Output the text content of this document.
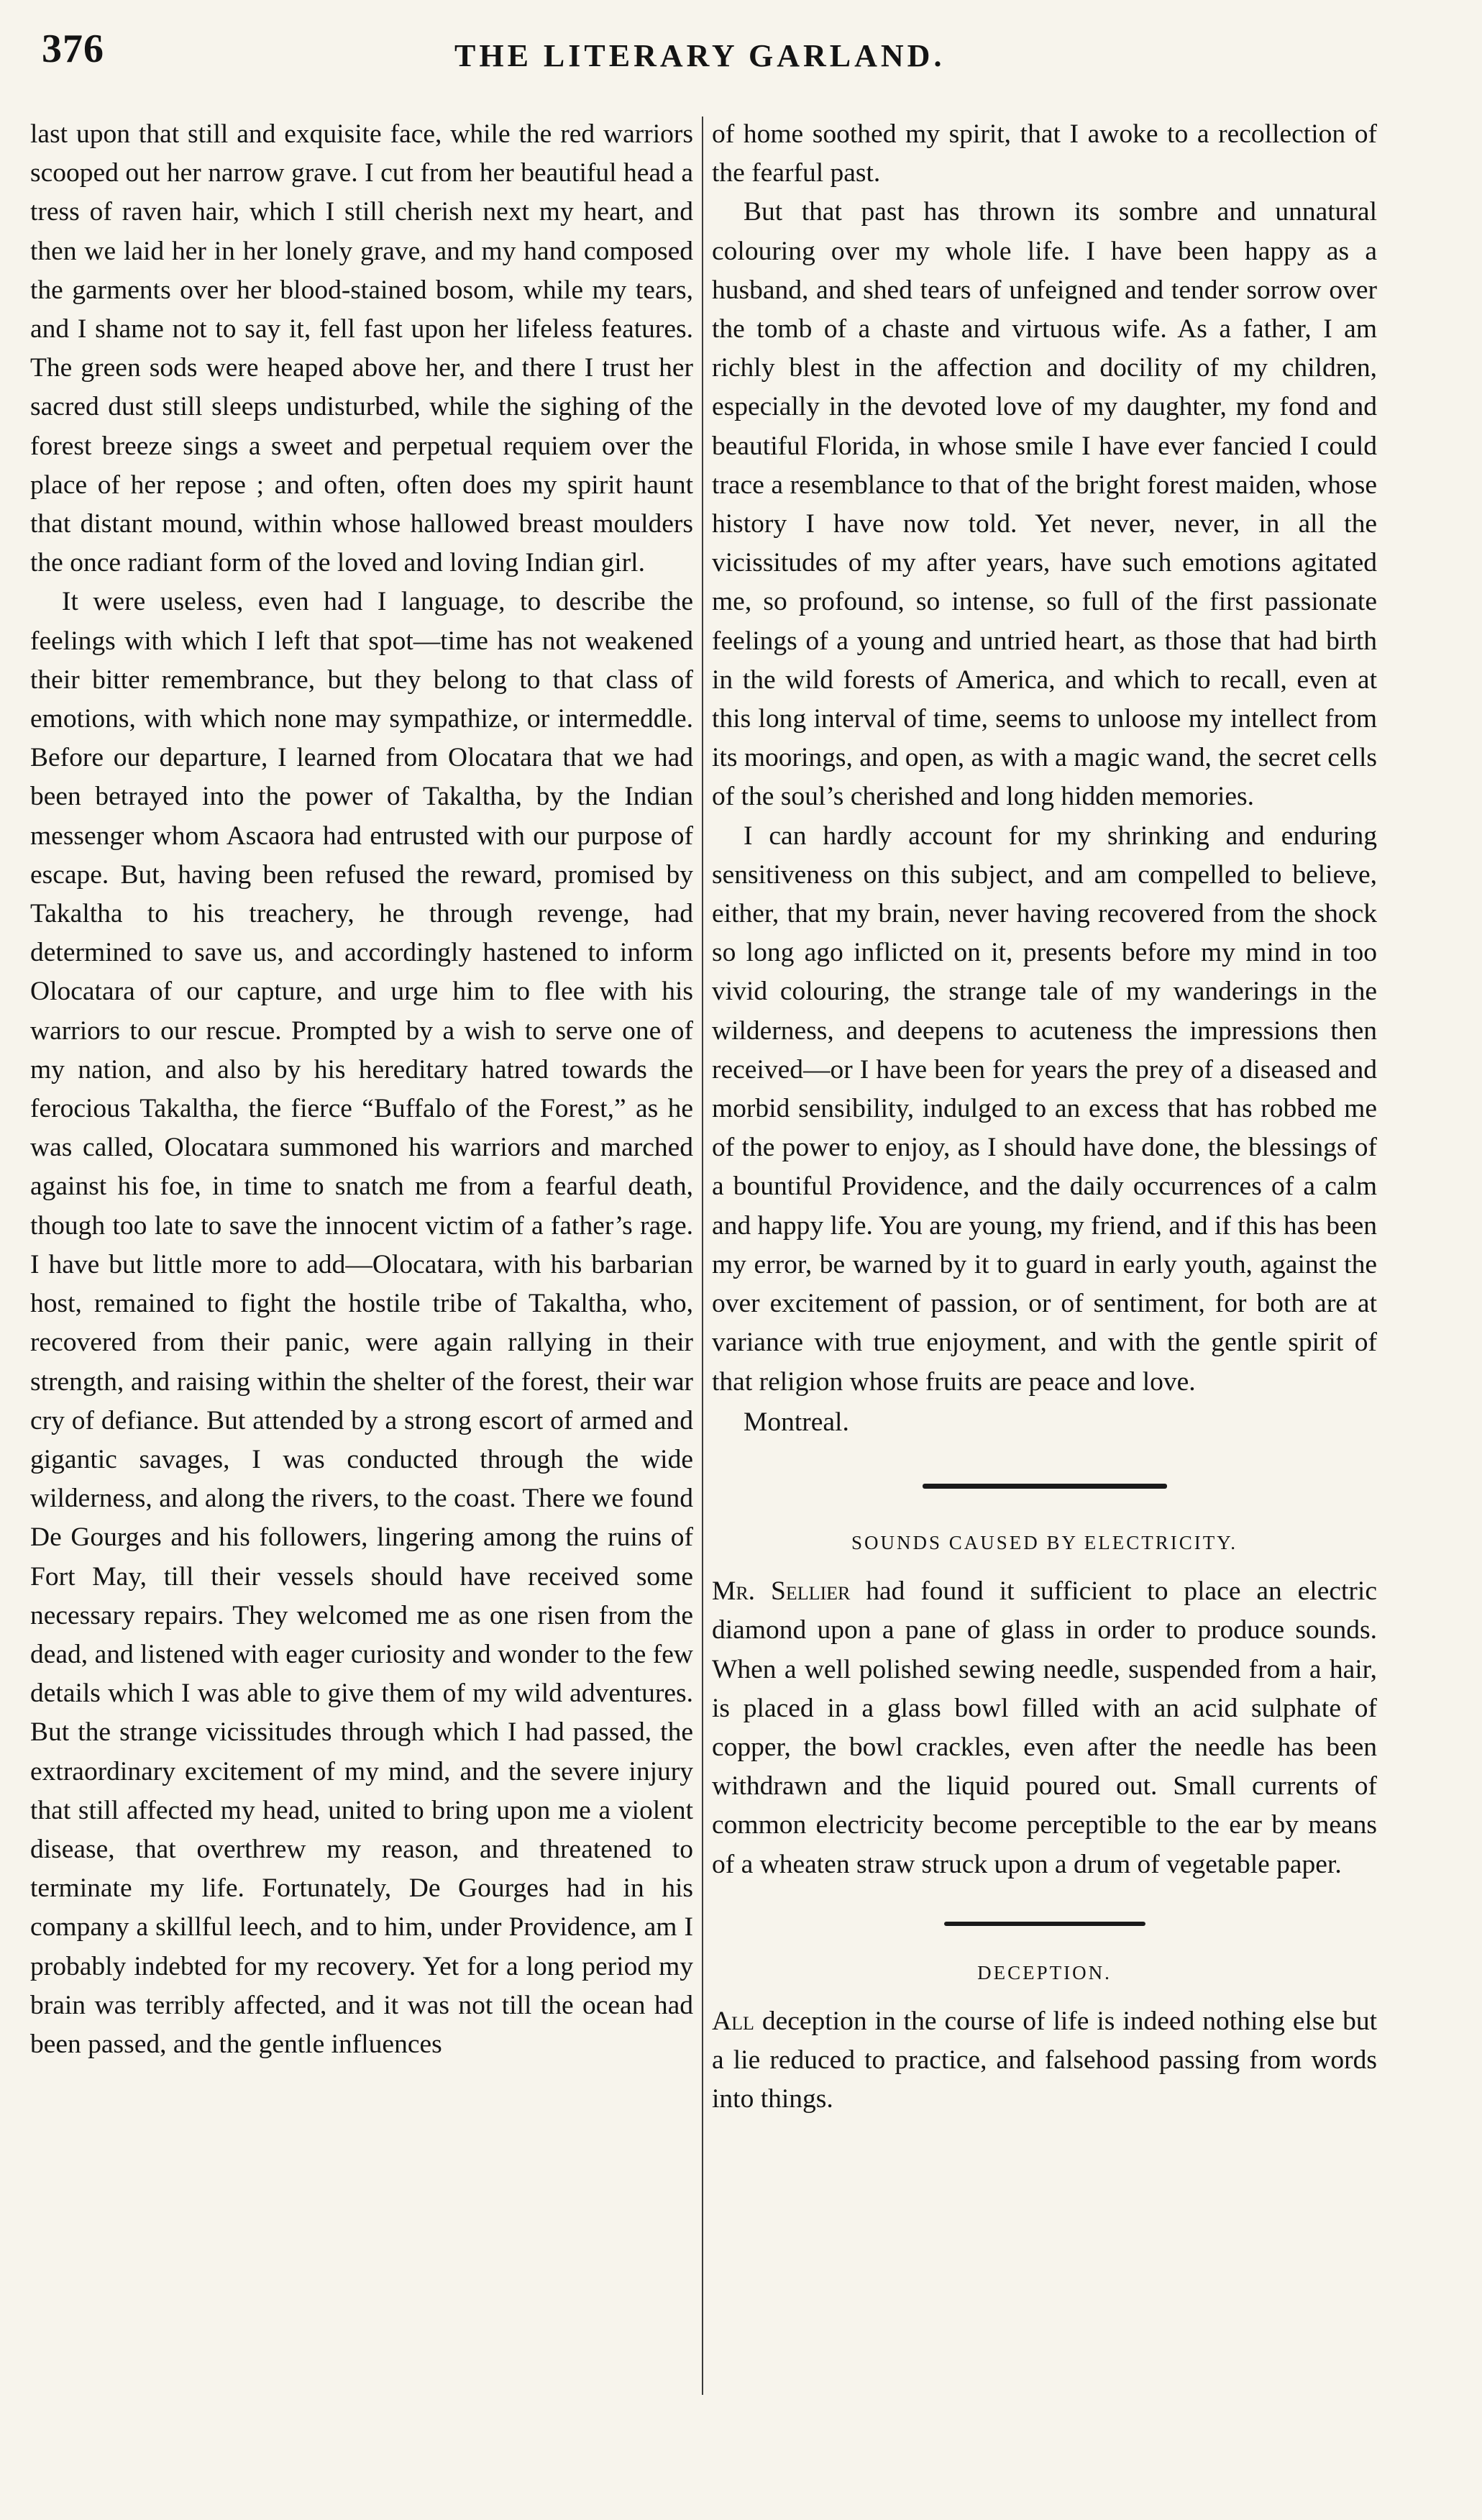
376	THE LITERARY GARLAND.

last upon that still and exquisite face, while the red warriors scooped out her narrow grave. I cut from her beautiful head a tress of raven hair, which I still cherish next my heart, and then we laid her in her lonely grave, and my hand composed the garments over her blood-stained bosom, while my tears, and I shame not to say it, fell fast upon her lifeless features. The green sods were heaped above her, and there I trust her sacred dust still sleeps undisturbed, while the sighing of the forest breeze sings a sweet and perpetual requiem over the place of her repose ; and often, often does my spirit haunt that distant mound, within whose hallowed breast moulders the once radiant form of the loved and loving Indian girl.

It were useless, even had I language, to describe the feelings with which I left that spot—time has not weakened their bitter remembrance, but they belong to that class of emotions, with which none may sympathize, or intermeddle. Before our departure, I learned from Olocatara that we had been betrayed into the power of Takaltha, by the Indian messenger whom Ascaora had entrusted with our purpose of escape. But, having been refused the reward, promised by Takaltha to his treachery, he through revenge, had determined to save us, and accordingly hastened to inform Olocatara of our capture, and urge him to flee with his warriors to our rescue. Prompted by a wish to serve one of my nation, and also by his hereditary hatred towards the ferocious Takaltha, the fierce “Buffalo of the Forest,” as he was called, Olocatara summoned his warriors and marched against his foe, in time to snatch me from a fearful death, though too late to save the innocent victim of a father’s rage. I have but little more to add—Olocatara, with his barbarian host, remained to fight the hostile tribe of Takaltha, who, recovered from their panic, were again rallying in their strength, and raising within the shelter of the forest, their war cry of defiance. But attended by a strong escort of armed and gigantic savages, I was conducted through the wide wilderness, and along the rivers, to the coast. There we found De Gourges and his followers, lingering among the ruins of Fort May, till their vessels should have received some necessary repairs. They welcomed me as one risen from the dead, and listened with eager curiosity and wonder to the few details which I was able to give them of my wild adventures. But the strange vicissitudes through which I had passed, the extraordinary excitement of my mind, and the severe injury that still affected my head, united to bring upon me a violent disease, that overthrew my reason, and threatened to terminate my life. Fortunately, De Gourges had in his company a skillful leech, and to him, under Providence, am I probably indebted for my recovery. Yet for a long period my brain was terribly affected, and it was not till the ocean had been passed, and the gentle influences

of home soothed my spirit, that I awoke to a recollection of the fearful past.

But that past has thrown its sombre and unnatural colouring over my whole life. I have been happy as a husband, and shed tears of unfeigned and tender sorrow over the tomb of a chaste and virtuous wife. As a father, I am richly blest in the affection and docility of my children, especially in the devoted love of my daughter, my fond and beautiful Florida, in whose smile I have ever fancied I could trace a resemblance to that of the bright forest maiden, whose history I have now told. Yet never, never, in all the vicissitudes of my after years, have such emotions agitated me, so profound, so intense, so full of the first passionate feelings of a young and untried heart, as those that had birth in the wild forests of America, and which to recall, even at this long interval of time, seems to unloose my intellect from its moorings, and open, as with a magic wand, the secret cells of the soul’s cherished and long hidden memories.

I can hardly account for my shrinking and enduring sensitiveness on this subject, and am compelled to believe, either, that my brain, never having recovered from the shock so long ago inflicted on it, presents before my mind in too vivid colouring, the strange tale of my wanderings in the wilderness, and deepens to acuteness the impressions then received—or I have been for years the prey of a diseased and morbid sensibility, indulged to an excess that has robbed me of the power to enjoy, as I should have done, the blessings of a bountiful Providence, and the daily occurrences of a calm and happy life. You are young, my friend, and if this has been my error, be warned by it to guard in early youth, against the over excitement of passion, or of sentiment, for both are at variance with true enjoyment, and with the gentle spirit of that religion whose fruits are peace and love.

Montreal.

SOUNDS CAUSED BY ELECTRICITY.

Mr. Sellier had found it sufficient to place an electric diamond upon a pane of glass in order to produce sounds. When a well polished sewing needle, suspended from a hair, is placed in a glass bowl filled with an acid sulphate of copper, the bowl crackles, even after the needle has been withdrawn and the liquid poured out. Small currents of common electricity become perceptible to the ear by means of a wheaten straw struck upon a drum of vegetable paper.

DECEPTION.

All deception in the course of life is indeed nothing else but a lie reduced to practice, and falsehood passing from words into things.
